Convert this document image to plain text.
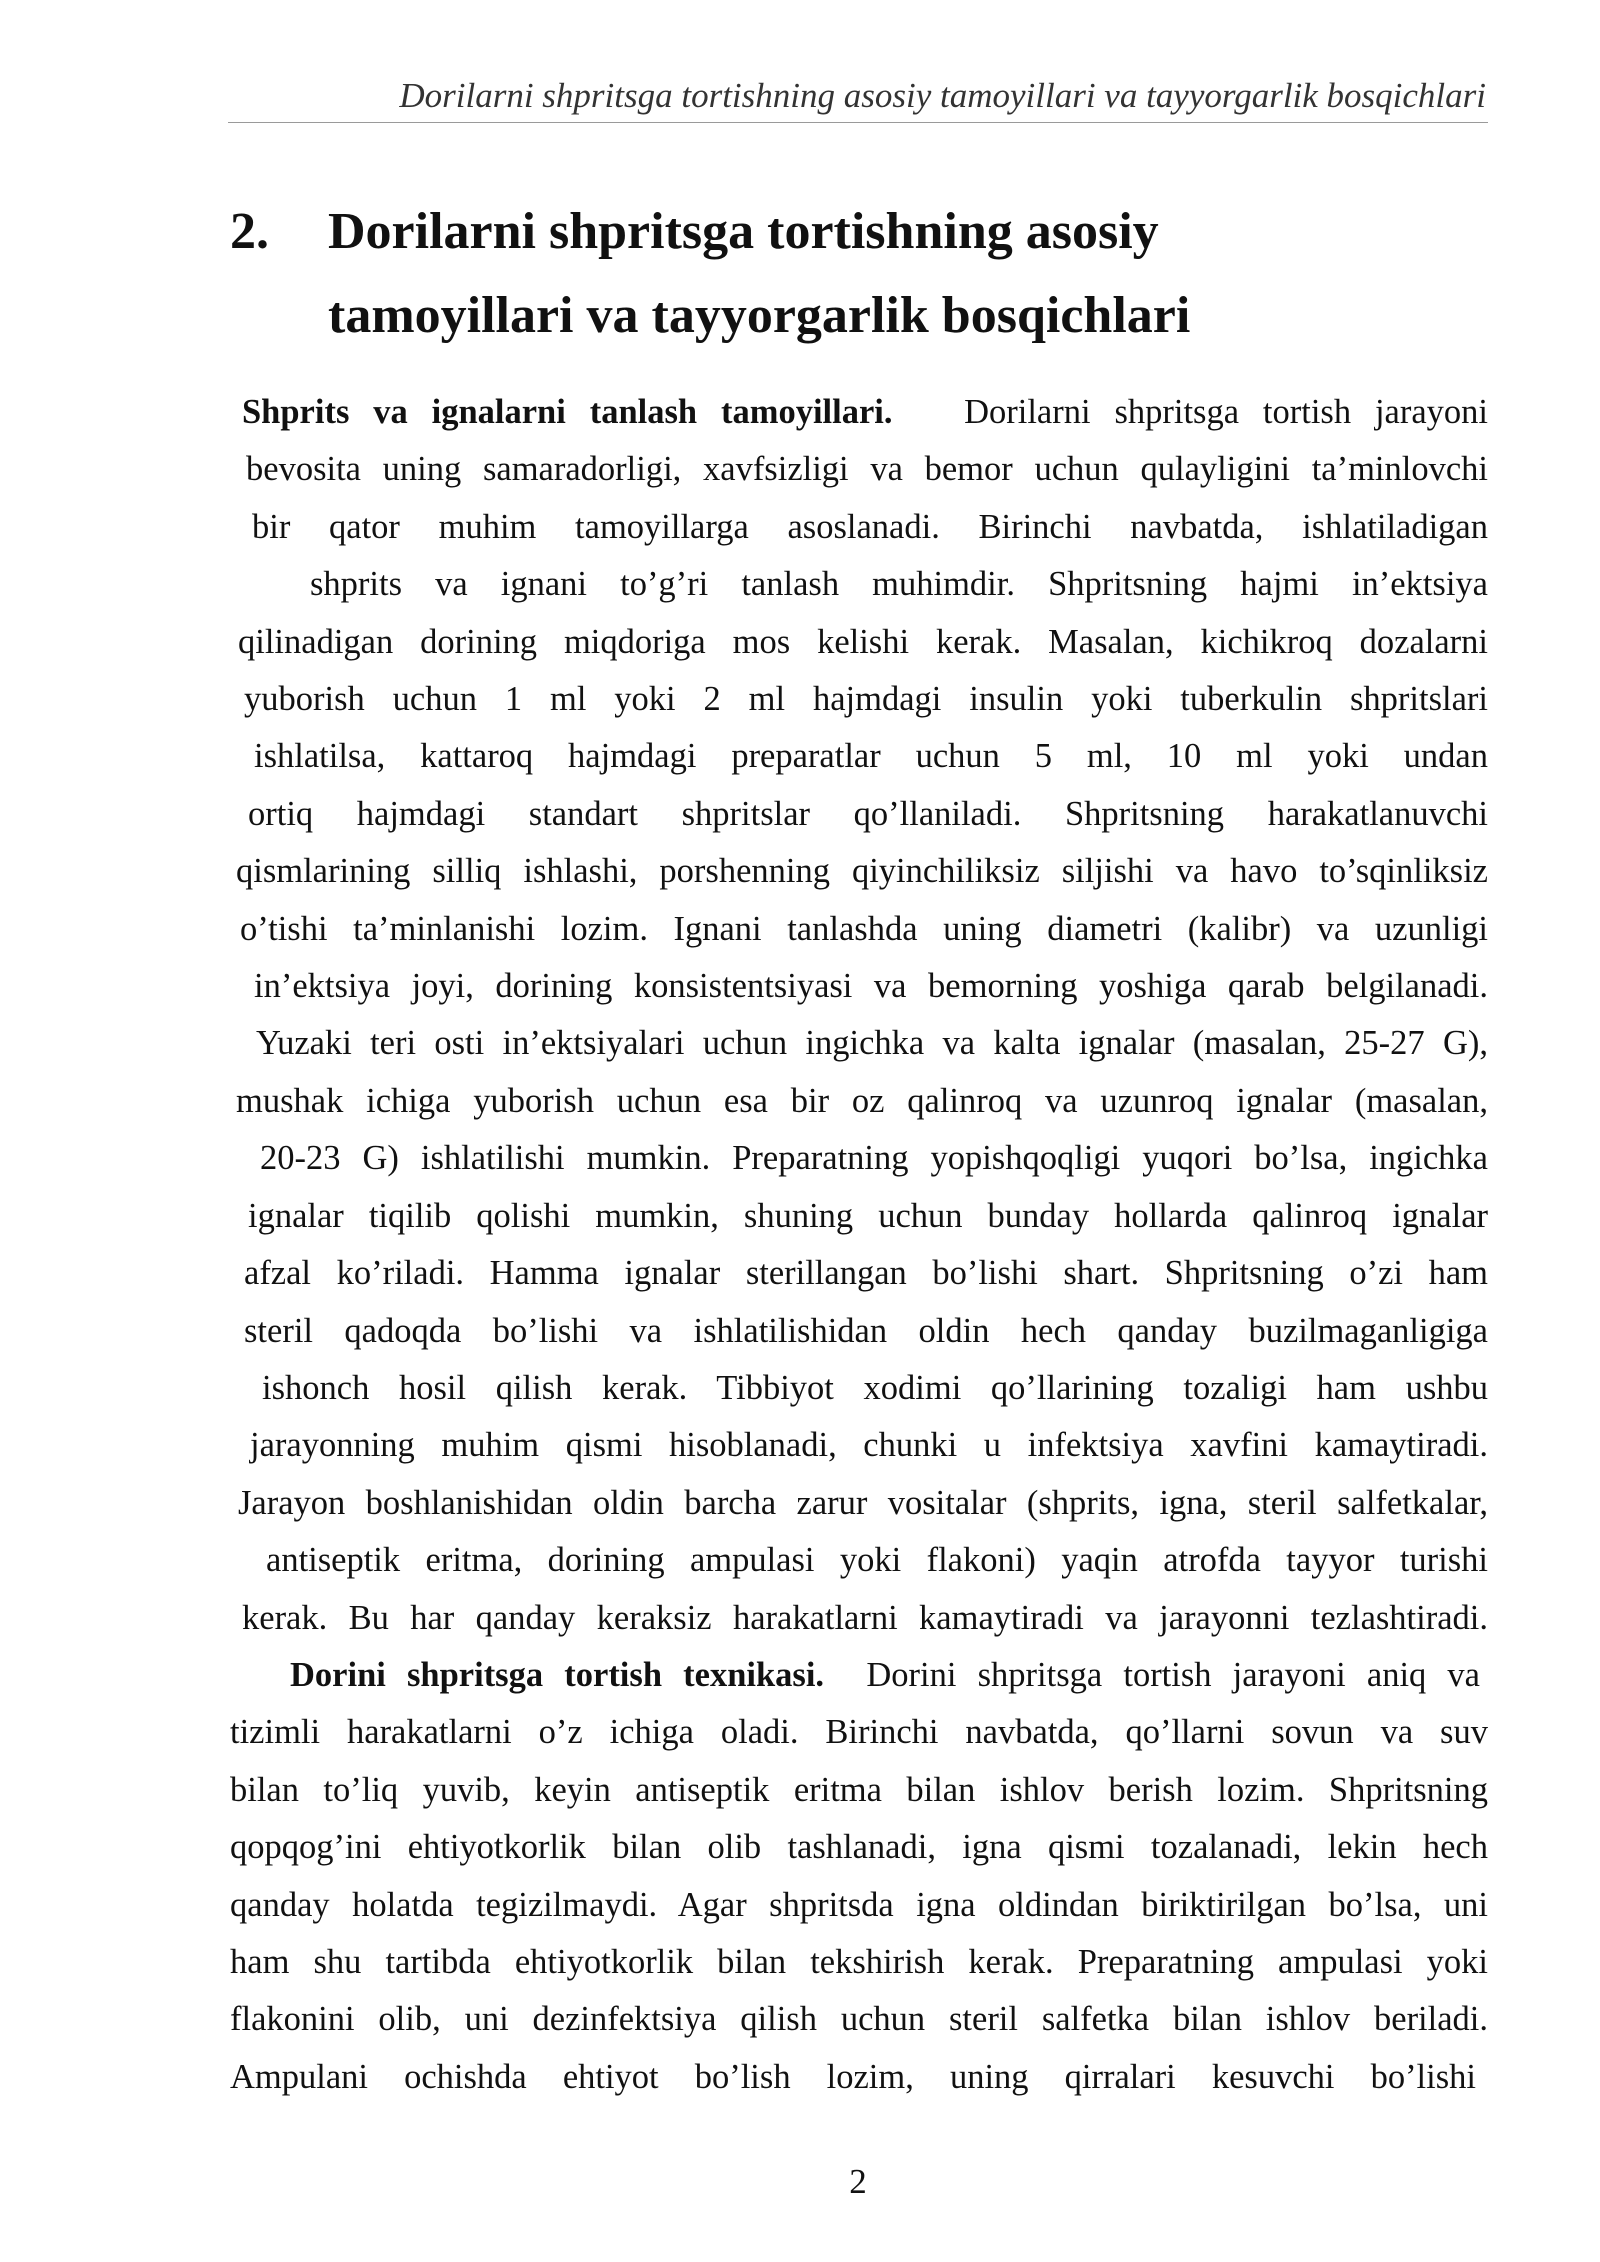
Dorilarni shpritsga tortishning asosiy tamoyillari va tayyorgarlik bosqichlari
2. Dorilarni shpritsga tortishning asosiy
tamoyillari va tayyorgarlik bosqichlari
Shprits va ignalarni tanlash tamoyillari. Dorilarni shpritsga tortish jarayoni
bevosita uning samaradorligi, xavfsizligi va bemor uchun qulayligini ta’minlovchi
bir qator muhim tamoyillarga asoslanadi. Birinchi navbatda, ishlatiladigan
shprits va ignani to’g’ri tanlash muhimdir. Shpritsning hajmi in’ektsiya
qilinadigan dorining miqdoriga mos kelishi kerak. Masalan, kichikroq dozalarni
yuborish uchun 1 ml yoki 2 ml hajmdagi insulin yoki tuberkulin shpritslari
ishlatilsa, kattaroq hajmdagi preparatlar uchun 5 ml, 10 ml yoki undan
ortiq hajmdagi standart shpritslar qo’llaniladi. Shpritsning harakatlanuvchi
qismlarining silliq ishlashi, porshenning qiyinchiliksiz siljishi va havo to’sqinliksiz
o’tishi ta’minlanishi lozim. Ignani tanlashda uning diametri (kalibr) va uzunligi
in’ektsiya joyi, dorining konsistentsiyasi va bemorning yoshiga qarab belgilanadi.
Yuzaki teri osti in’ektsiyalari uchun ingichka va kalta ignalar (masalan, 25-27 G),
mushak ichiga yuborish uchun esa bir oz qalinroq va uzunroq ignalar (masalan,
20-23 G) ishlatilishi mumkin. Preparatning yopishqoqligi yuqori bo’lsa, ingichka
ignalar tiqilib qolishi mumkin, shuning uchun bunday hollarda qalinroq ignalar
afzal ko’riladi. Hamma ignalar sterillangan bo’lishi shart. Shpritsning o’zi ham
steril qadoqda bo’lishi va ishlatilishidan oldin hech qanday buzilmaganligiga
ishonch hosil qilish kerak. Tibbiyot xodimi qo’llarining tozaligi ham ushbu
jarayonning muhim qismi hisoblanadi, chunki u infektsiya xavfini kamaytiradi.
Jarayon boshlanishidan oldin barcha zarur vositalar (shprits, igna, steril salfetkalar,
antiseptik eritma, dorining ampulasi yoki flakoni) yaqin atrofda tayyor turishi
kerak. Bu har qanday keraksiz harakatlarni kamaytiradi va jarayonni tezlashtiradi.
Dorini shpritsga tortish texnikasi. Dorini shpritsga tortish jarayoni aniq va
tizimli harakatlarni o’z ichiga oladi. Birinchi navbatda, qo’llarni sovun va suv
bilan to’liq yuvib, keyin antiseptik eritma bilan ishlov berish lozim. Shpritsning
qopqog’ini ehtiyotkorlik bilan olib tashlanadi, igna qismi tozalanadi, lekin hech
qanday holatda tegizilmaydi. Agar shpritsda igna oldindan biriktirilgan bo’lsa, uni
ham shu tartibda ehtiyotkorlik bilan tekshirish kerak. Preparatning ampulasi yoki
flakonini olib, uni dezinfektsiya qilish uchun steril salfetka bilan ishlov beriladi.
Ampulani ochishda ehtiyot bo’lish lozim, uning qirralari kesuvchi bo’lishi
2
